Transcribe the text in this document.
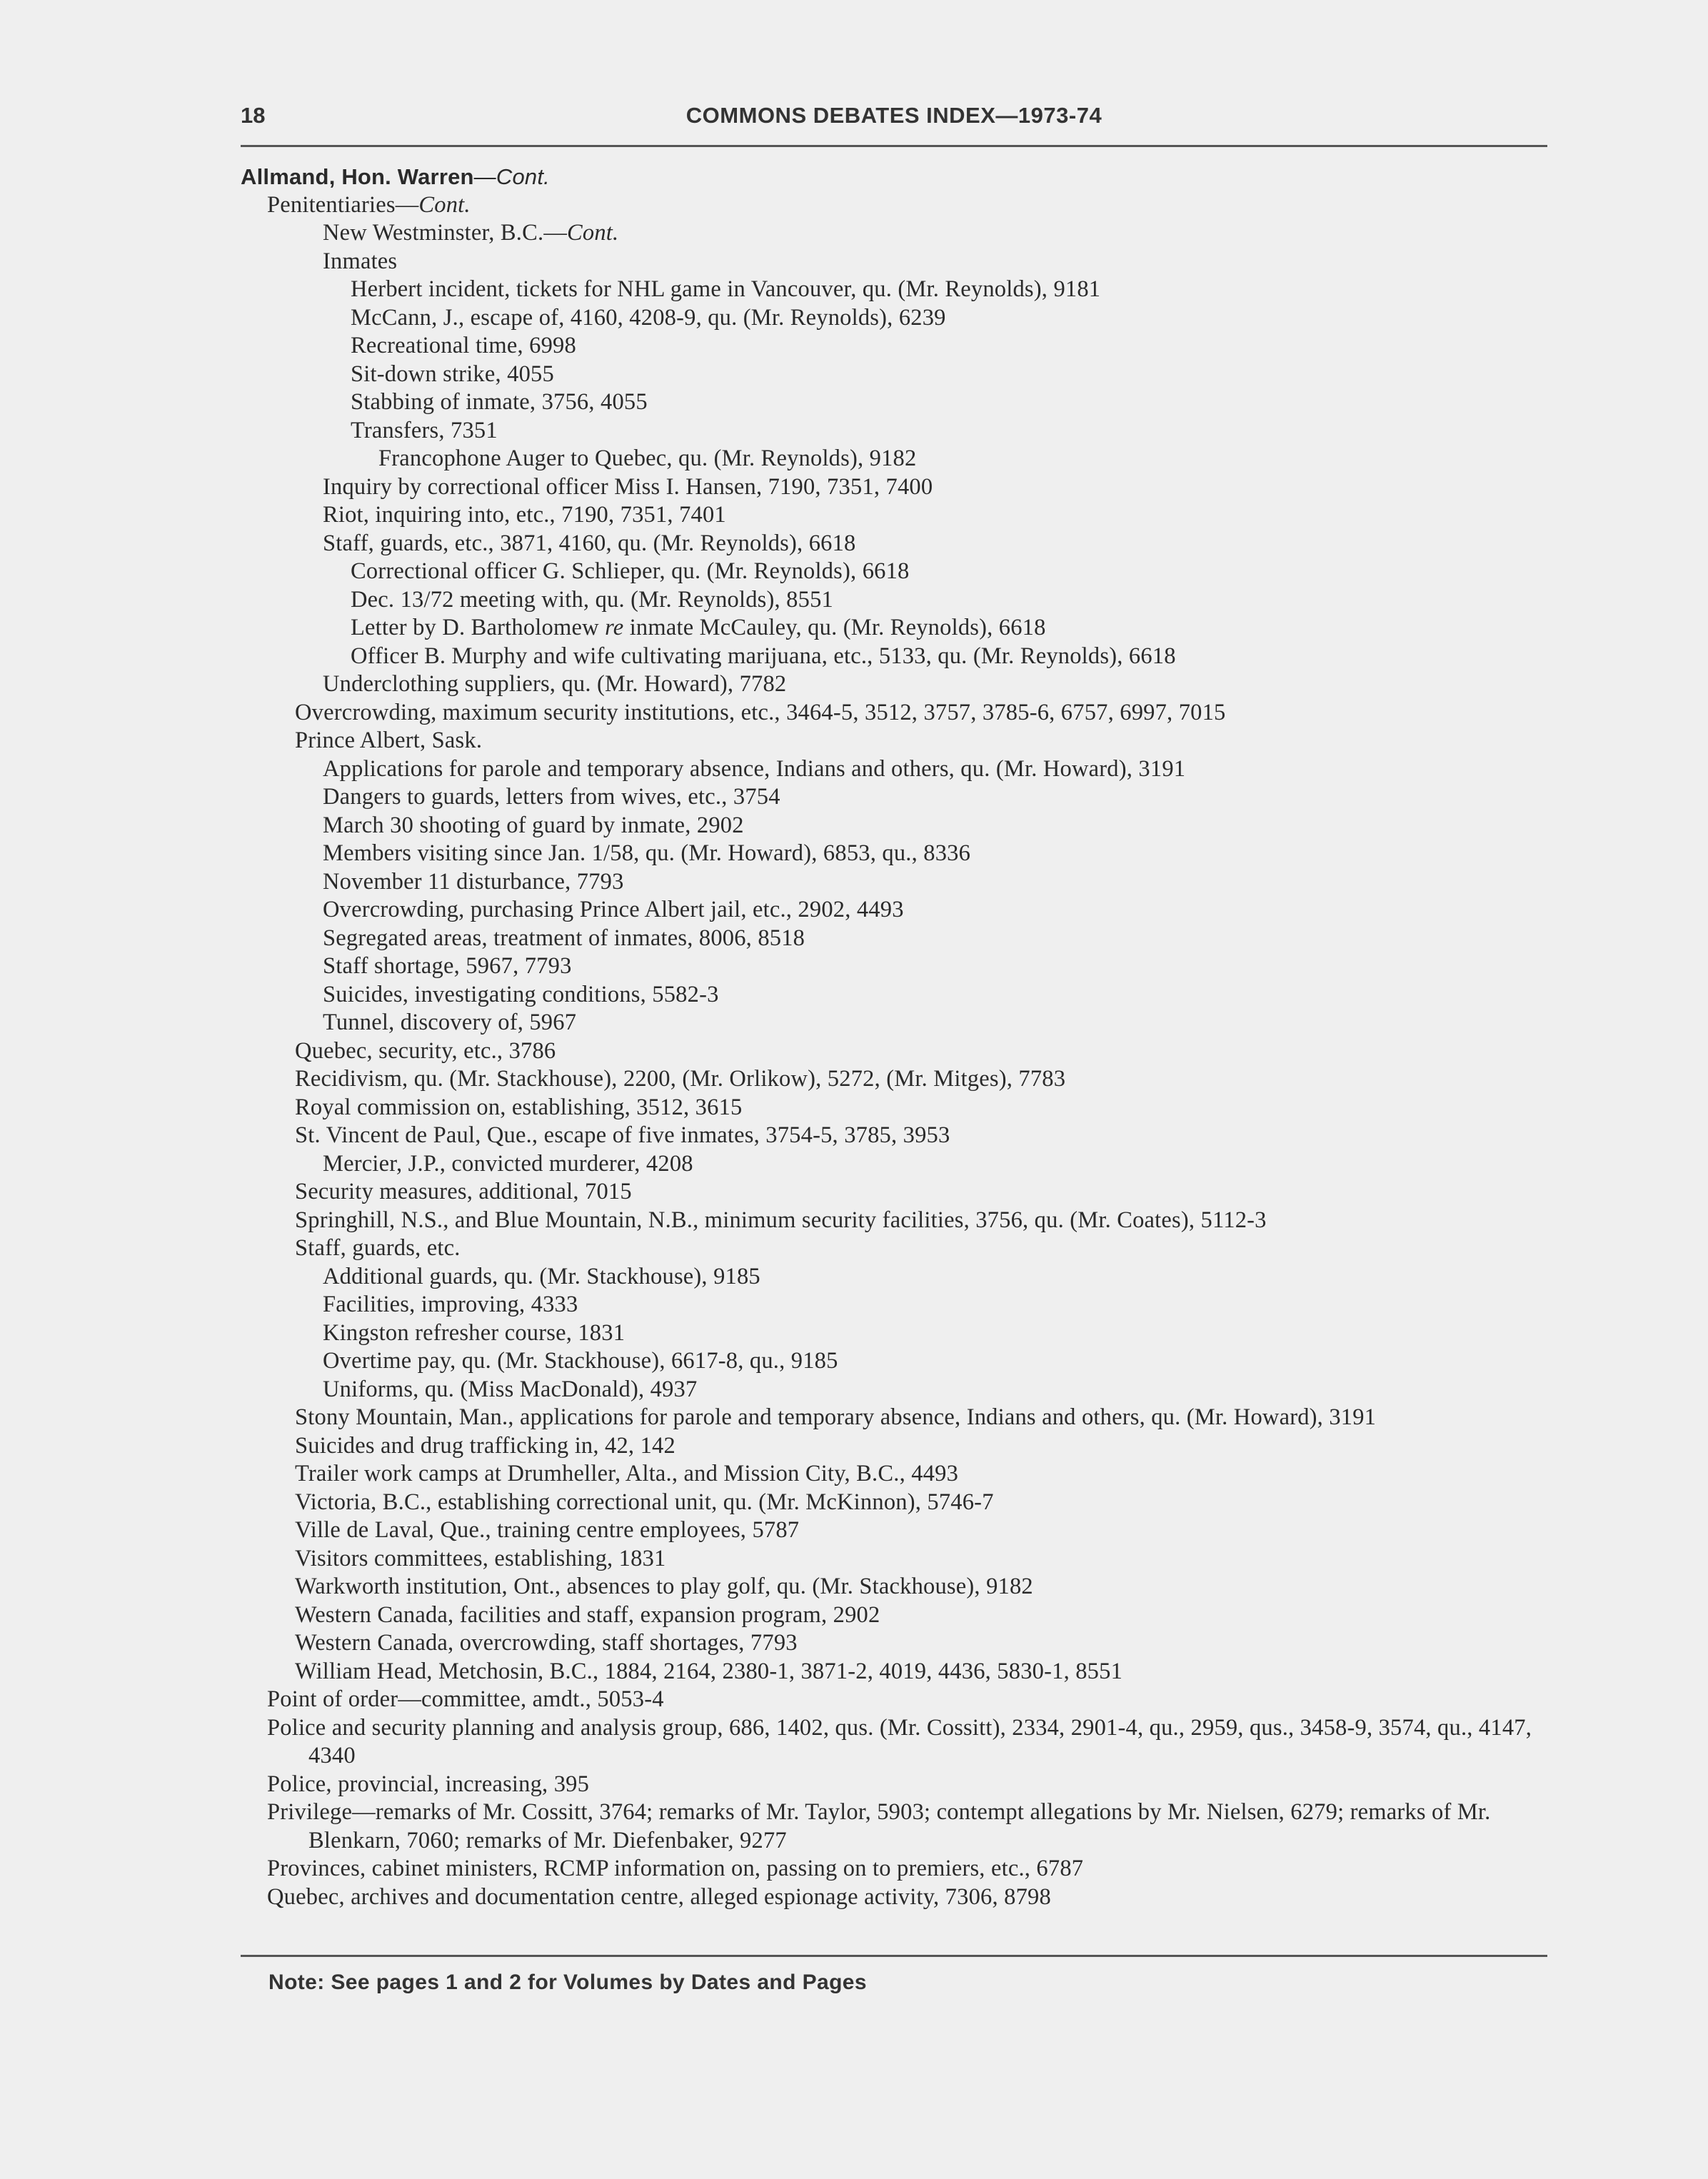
18	COMMONS DEBATES INDEX—1973-74
Allmand, Hon. Warren—Cont.
Penitentiaries—Cont.
New Westminster, B.C.—Cont.
Inmates
Herbert incident, tickets for NHL game in Vancouver, qu. (Mr. Reynolds), 9181
McCann, J., escape of, 4160, 4208-9, qu. (Mr. Reynolds), 6239
Recreational time, 6998
Sit-down strike, 4055
Stabbing of inmate, 3756, 4055
Transfers, 7351
Francophone Auger to Quebec, qu. (Mr. Reynolds), 9182
Inquiry by correctional officer Miss I. Hansen, 7190, 7351, 7400
Riot, inquiring into, etc., 7190, 7351, 7401
Staff, guards, etc., 3871, 4160, qu. (Mr. Reynolds), 6618
Correctional officer G. Schlieper, qu. (Mr. Reynolds), 6618
Dec. 13/72 meeting with, qu. (Mr. Reynolds), 8551
Letter by D. Bartholomew re inmate McCauley, qu. (Mr. Reynolds), 6618
Officer B. Murphy and wife cultivating marijuana, etc., 5133, qu. (Mr. Reynolds), 6618
Underclothing suppliers, qu. (Mr. Howard), 7782
Overcrowding, maximum security institutions, etc., 3464-5, 3512, 3757, 3785-6, 6757, 6997, 7015
Prince Albert, Sask.
Applications for parole and temporary absence, Indians and others, qu. (Mr. Howard), 3191
Dangers to guards, letters from wives, etc., 3754
March 30 shooting of guard by inmate, 2902
Members visiting since Jan. 1/58, qu. (Mr. Howard), 6853, qu., 8336
November 11 disturbance, 7793
Overcrowding, purchasing Prince Albert jail, etc., 2902, 4493
Segregated areas, treatment of inmates, 8006, 8518
Staff shortage, 5967, 7793
Suicides, investigating conditions, 5582-3
Tunnel, discovery of, 5967
Quebec, security, etc., 3786
Recidivism, qu. (Mr. Stackhouse), 2200, (Mr. Orlikow), 5272, (Mr. Mitges), 7783
Royal commission on, establishing, 3512, 3615
St. Vincent de Paul, Que., escape of five inmates, 3754-5, 3785, 3953
Mercier, J.P., convicted murderer, 4208
Security measures, additional, 7015
Springhill, N.S., and Blue Mountain, N.B., minimum security facilities, 3756, qu. (Mr. Coates), 5112-3
Staff, guards, etc.
Additional guards, qu. (Mr. Stackhouse), 9185
Facilities, improving, 4333
Kingston refresher course, 1831
Overtime pay, qu. (Mr. Stackhouse), 6617-8, qu., 9185
Uniforms, qu. (Miss MacDonald), 4937
Stony Mountain, Man., applications for parole and temporary absence, Indians and others, qu. (Mr. Howard), 3191
Suicides and drug trafficking in, 42, 142
Trailer work camps at Drumheller, Alta., and Mission City, B.C., 4493
Victoria, B.C., establishing correctional unit, qu. (Mr. McKinnon), 5746-7
Ville de Laval, Que., training centre employees, 5787
Visitors committees, establishing, 1831
Warkworth institution, Ont., absences to play golf, qu. (Mr. Stackhouse), 9182
Western Canada, facilities and staff, expansion program, 2902
Western Canada, overcrowding, staff shortages, 7793
William Head, Metchosin, B.C., 1884, 2164, 2380-1, 3871-2, 4019, 4436, 5830-1, 8551
Point of order—committee, amdt., 5053-4
Police and security planning and analysis group, 686, 1402, qus. (Mr. Cossitt), 2334, 2901-4, qu., 2959, qus., 3458-9, 3574, qu., 4147, 4340
Police, provincial, increasing, 395
Privilege—remarks of Mr. Cossitt, 3764; remarks of Mr. Taylor, 5903; contempt allegations by Mr. Nielsen, 6279; remarks of Mr. Blenkarn, 7060; remarks of Mr. Diefenbaker, 9277
Provinces, cabinet ministers, RCMP information on, passing on to premiers, etc., 6787
Quebec, archives and documentation centre, alleged espionage activity, 7306, 8798
Note: See pages 1 and 2 for Volumes by Dates and Pages
